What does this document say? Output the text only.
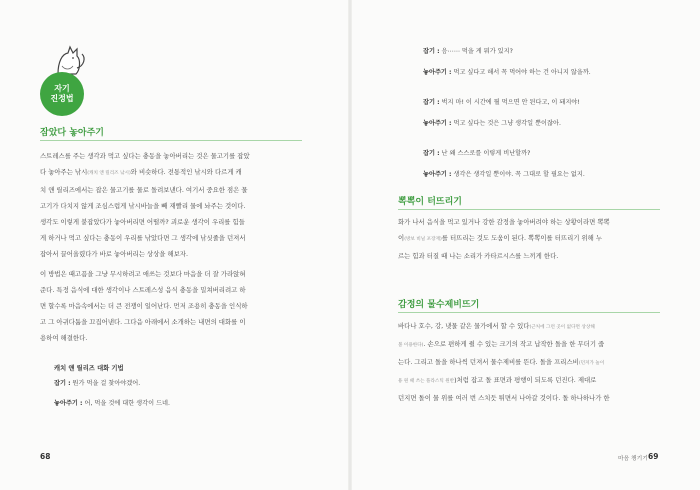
자기
진정법
잠았다 놓아주기

스트레스를 주는 생각과 먹고 싶다는 충동을 놓아버리는 것은 물고기를 잡았

다 놓아주는 낚시(캐치 앤 릴리즈 낚시)와 비슷하다. 전통적인 낚시와 다르게 캐

치 앤 릴리즈에서는 잡은 물고기를 물로 돌려보낸다. 여기서 중요한 점은 물

고기가 다치지 않게 조심스럽게 낚시바늘을 빼 재빨리 물에 놔주는 것이다.

생각도 이렇게 붙잡았다가 놓아버리면 어떨까? 괴로운 생각이 우리를 힘들

게 하거나 먹고 싶다는 충동이 우리를 낚았다면 그 생각에 낚싯줄을 던져서

잡아서 끌어올렸다가 바로 놓아버리는 상상을 해보자.

이 방법은 때고픔을 그냥 무시하려고 애쓰는 것보다 마음을 더 잘 가라앉혀

준다. 특정 음식에 대한 생각이나 스트레스성 음식 충동을 밀쳐버리려고 하

면 할수록 마음속에서는 더 큰 전쟁이 일어난다. 먼저 조용히 충동을 인식하

고 그 아귀다툼을 끄집어낸다. 그다음 아래에서 소개하는 내면의 대화를 이

용하여 해결한다.

캐치 앤 릴리즈 대화 기법
잡기 : 뭔가 먹을 걸 찾아야겠어.
놓아주기 : 어, 먹을 것에 대한 생각이 드네.
68
잡기 : 음⋯⋯ 먹을 게 뭐가 있지?
놓아주기 : 먹고 싶다고 해서 꼭 먹어야 하는 건 아니지 않을까.
잡기 : 벅지 마! 이 시간에 뭘 먹으면 안 된다고, 이 돼지야!
놓아주기 : 먹고 싶다는 것은 그냥 생각일 뿐이잖아.
잡기 : 난 왜 스스로를 이렇게 비난할까?
놓아주기 : 생각은 생각일 뿐이야. 꼭 그대로 할 필요는 없지.
뽁뽁이 터뜨리기

화가 나서 음식을 먹고 있거나 강한 감정을 놓아버려야 하는 상황이라면 뽁뽁

이(방보 비닐 포장재)를 터뜨리는 것도 도움이 된다. 뽁뽁이를 터뜨리기 위해 누

르는 힘과 터질 때 나는 소리가 카타르시스를 느끼게 한다.

감정의 물수제비뜨기

바다나 호수, 강, 냇물 같은 물가에서 할 수 있다(근처에 그런 곳이 없다면 상상해

볼 이용한다). 손으로 편하게 쥘 수 있는 크기의 작고 납작한 돌을 한 무더기 줍

는다. 그리고 돌을 하나씩 던져서 물수제비를 뜬다. 돌을 프리스비(던져가 놀이

용 원 때 쓰는 플라스틱 원반)처럼 잡고 돌 표면과 평행이 되도록 던진다. 제대로

던지면 돌이 물 위를 여러 번 스치듯 튀면서 나아갈 것이다. 돌 하나하나가 한

마음 챙기기 69
